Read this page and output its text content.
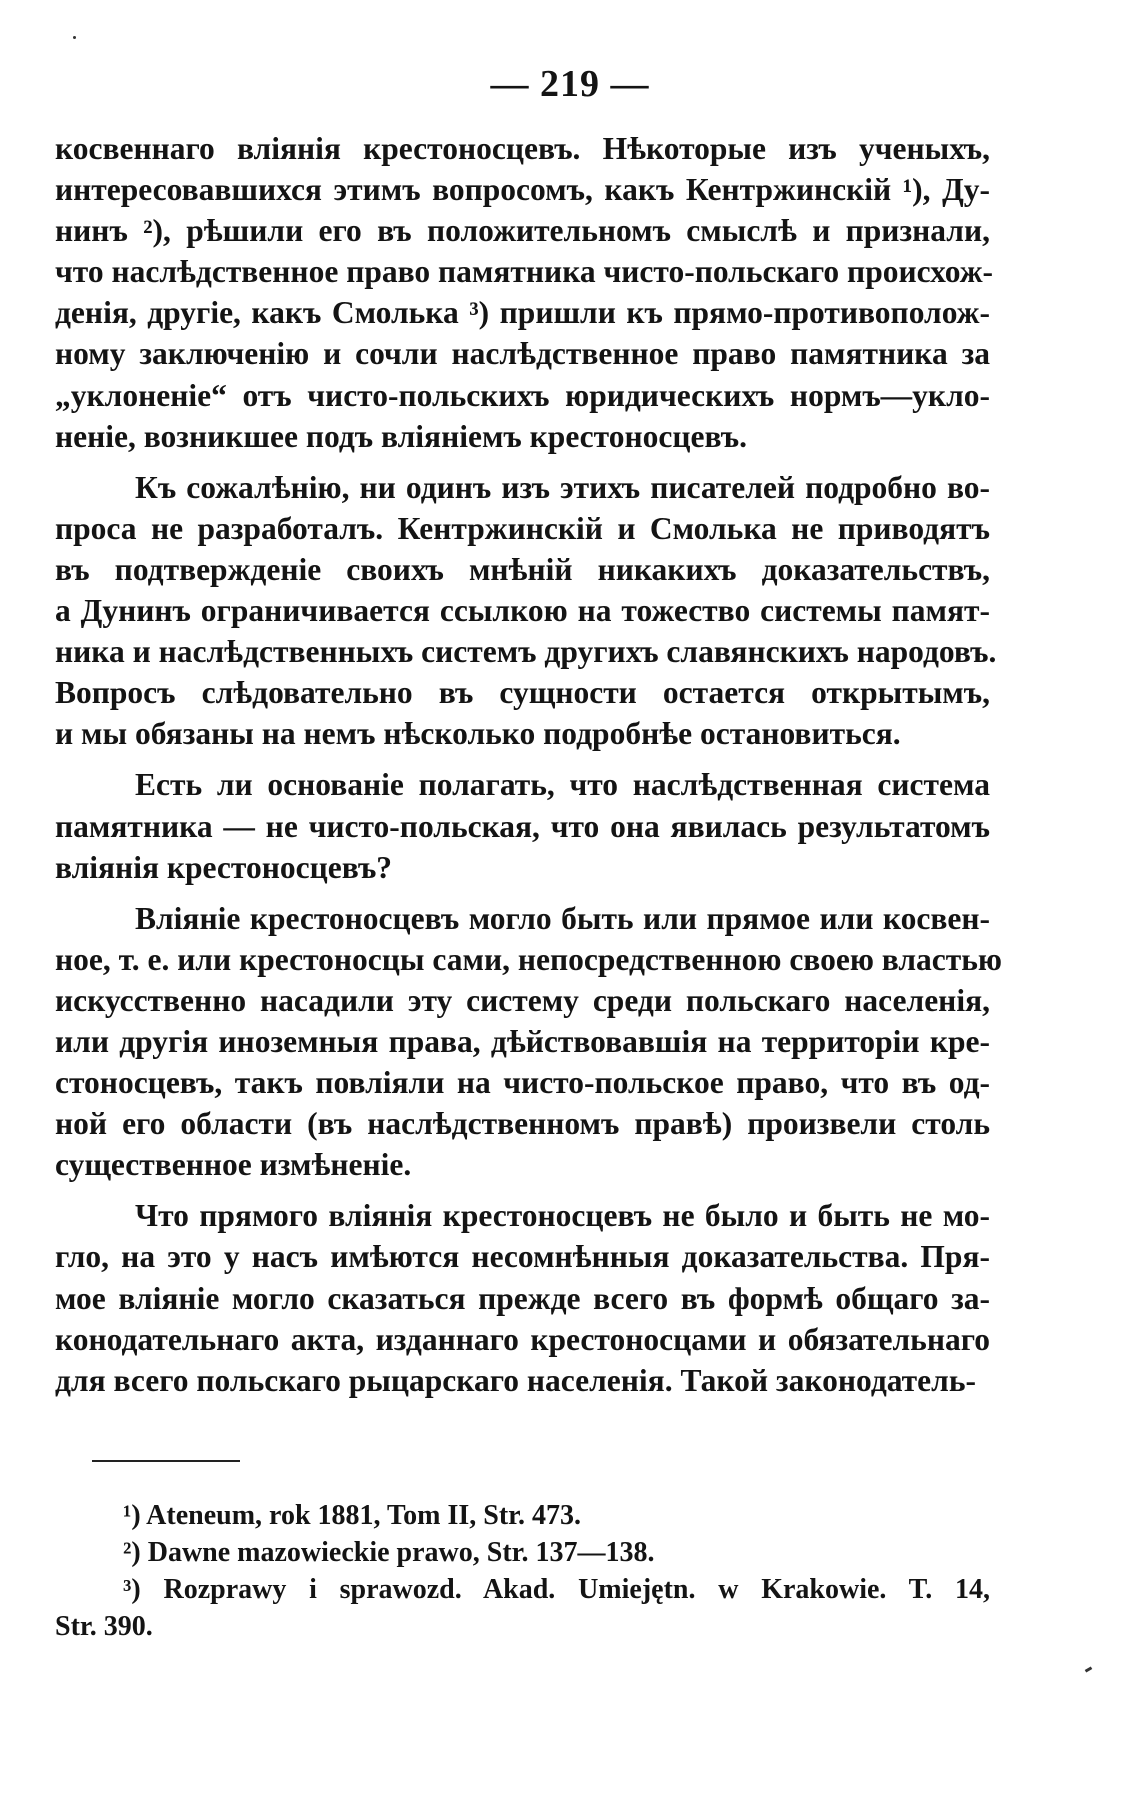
— 219 —
косвеннаго вліянія крестоносцевъ. Нѣкоторые изъ ученыхъ,
интересовавшихся этимъ вопросомъ, какъ Кентржинскій ¹), Ду-
нинъ ²), рѣшили его въ положительномъ смыслѣ и признали,
что наслѣдственное право памятника чисто-польскаго происхож-
денія, другіе, какъ Смолька ³) пришли къ прямо-противополож-
ному заключенію и сочли наслѣдственное право памятника за
„уклоненіе“ отъ чисто-польскихъ юридическихъ нормъ—укло-
неніе, возникшее подъ вліяніемъ крестоносцевъ.
Къ сожалѣнію, ни одинъ изъ этихъ писателей подробно во-
проса не разработалъ. Кентржинскій и Смолька не приводятъ
въ подтвержденіе своихъ мнѣній никакихъ доказательствъ,
а Дунинъ ограничивается ссылкою на тожество системы памят-
ника и наслѣдственныхъ системъ другихъ славянскихъ народовъ.
Вопросъ слѣдовательно въ сущности остается открытымъ,
и мы обязаны на немъ нѣсколько подробнѣе остановиться.
Есть ли основаніе полагать, что наслѣдственная система
памятника — не чисто-польская, что она явилась результатомъ
вліянія крестоносцевъ?
Вліяніе крестоносцевъ могло быть или прямое или косвен-
ное, т. е. или крестоносцы сами, непосредственною своею властью
искусственно насадили эту систему среди польскаго населенія,
или другія иноземныя права, дѣйствовавшія на территоріи кре-
стоносцевъ, такъ повліяли на чисто-польское право, что въ од-
ной его области (въ наслѣдственномъ правѣ) произвели столь
существенное измѣненіе.
Что прямого вліянія крестоносцевъ не было и быть не мо-
гло, на это у насъ имѣются несомнѣнныя доказательства. Пря-
мое вліяніе могло сказаться прежде всего въ формѣ общаго за-
конодательнаго акта, изданнаго крестоносцами и обязательнаго
для всего польскаго рыцарскаго населенія. Такой законодатель-
¹) Ateneum, rok 1881, Tom II, Str. 473.
²) Dawne mazowieckie prawo, Str. 137—138.
³) Rozprawy i sprawozd. Akad. Umiejętn. w Krakowie. T. 14,
Str. 390.
